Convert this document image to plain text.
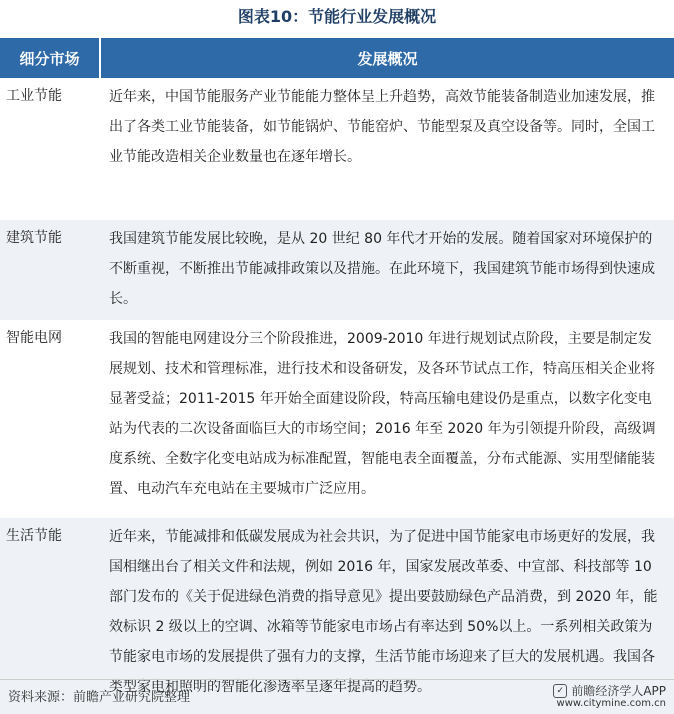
图表10：节能行业发展概况
细分市场	发展概况
工业节能	近年来，中国节能服务产业节能能力整体呈上升趋势，高效节能装备制造业加速发展，推出了各类工业节能装备，如节能锅炉、节能窑炉、节能型泵及真空设备等。同时，全国工业节能改造相关企业数量也在逐年增长。
建筑节能	我国建筑节能发展比较晚，是从 20 世纪 80 年代才开始的发展。随着国家对环境保护的不断重视，不断推出节能减排政策以及措施。在此环境下，我国建筑节能市场得到快速成长。
智能电网	我国的智能电网建设分三个阶段推进，2009-2010 年进行规划试点阶段，主要是制定发展规划、技术和管理标准，进行技术和设备研发，及各环节试点工作，特高压相关企业将显著受益；2011-2015 年开始全面建设阶段，特高压输电建设仍是重点，以数字化变电站为代表的二次设备面临巨大的市场空间；2016 年至 2020 年为引领提升阶段，高级调度系统、全数字化变电站成为标准配置，智能电表全面覆盖，分布式能源、实用型储能装置、电动汽车充电站在主要城市广泛应用。
生活节能	近年来，节能减排和低碳发展成为社会共识，为了促进中国节能家电市场更好的发展，我国相继出台了相关文件和法规，例如 2016 年，国家发展改革委、中宣部、科技部等 10 部门发布的《关于促进绿色消费的指导意见》提出要鼓励绿色产品消费，到 2020 年，能效标识 2 级以上的空调、冰箱等节能家电市场占有率达到 50%以上。一系列相关政策为节能家电市场的发展提供了强有力的支撑，生活节能市场迎来了巨大的发展机遇。我国各类型家电和照明的智能化渗透率呈逐年提高的趋势。
资料来源：前瞻产业研究院整理	✓ 前瞻经济学人APP
www.citymine.com.cn
